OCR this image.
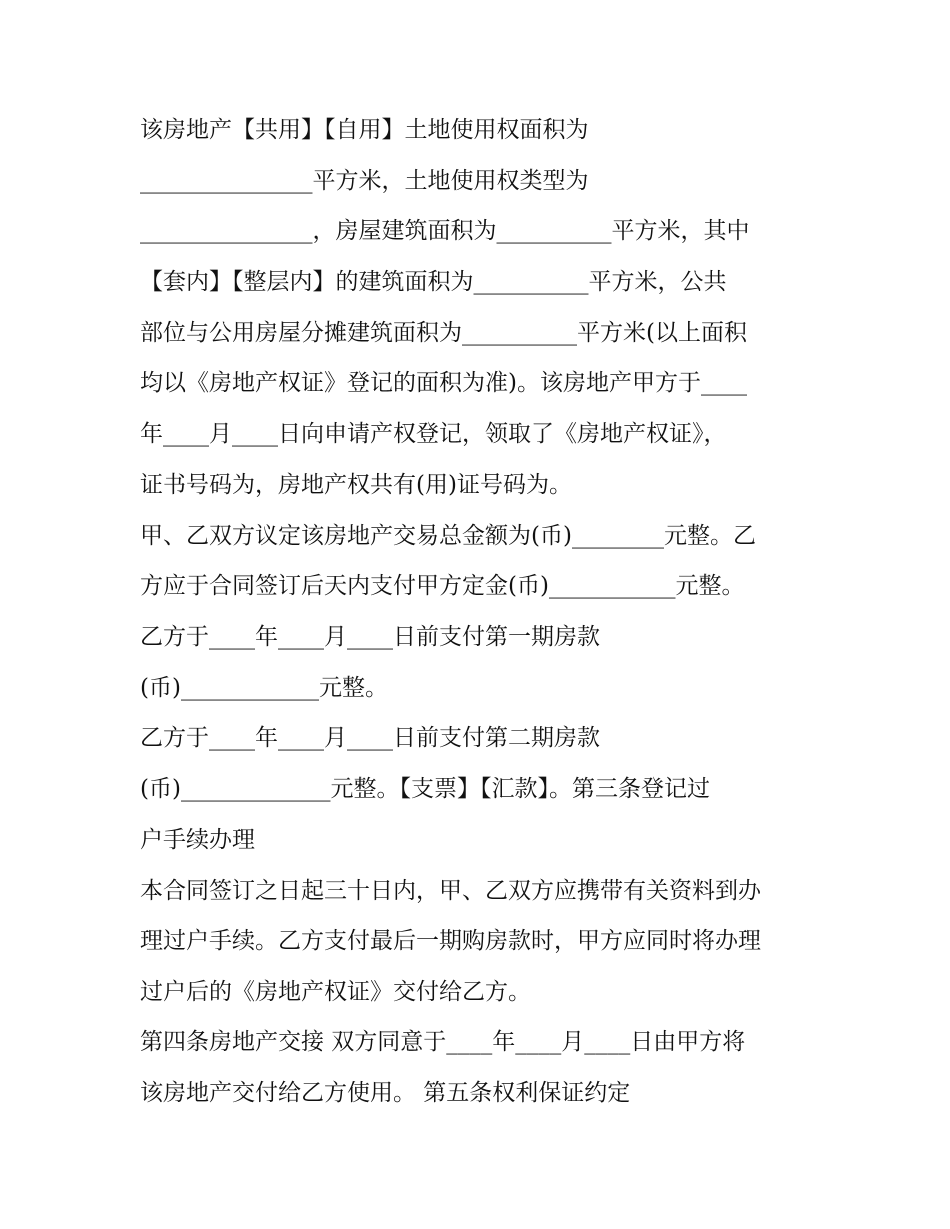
该房地产【共用】【自用】土地使用权面积为
_______________平方米，土地使用权类型为
_______________，房屋建筑面积为__________平方米，其中
【套内】【整层内】的建筑面积为__________平方米，公共
部位与公用房屋分摊建筑面积为__________平方米(以上面积
均以《房地产权证》登记的面积为准)。该房地产甲方于____
年____月____日向申请产权登记，领取了《房地产权证》，
证书号码为，房地产权共有(用)证号码为。
甲、乙双方议定该房地产交易总金额为(币)________元整。乙
方应于合同签订后天内支付甲方定金(币)___________元整。
乙方于____年____月____日前支付第一期房款
(币)____________元整。
乙方于____年____月____日前支付第二期房款
(币)_____________元整。【支票】【汇款】。第三条登记过
户手续办理
本合同签订之日起三十日内，甲、乙双方应携带有关资料到办
理过户手续。乙方支付最后一期购房款时，甲方应同时将办理
过户后的《房地产权证》交付给乙方。
第四条房地产交接 双方同意于____年____月____日由甲方将
该房地产交付给乙方使用。 第五条权利保证约定
